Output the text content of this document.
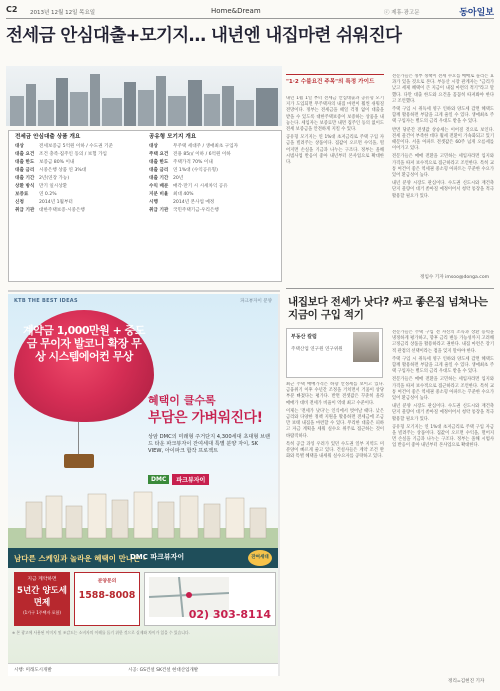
C2 2013년 12월 12일 목요일	Home&Dream	ⓒ 제휴·광고문	동아일보
전세금 안심대출+모기지… 내년엔 내집마련 쉬워진다
전세금 안심대출 상품 개요
대상	전세보증금 5억원 이하 / 수도권 기준
대출 요건	조건 충족·집주인 동의 / 보험 가입
대출 한도	보증금 80% 이내
대출 금리	시중은행 상품 연 3%대
대출 기간	2년(연장 가능)
상환 방식	만기 일시상환
보증료	연 0.2%
신청	2014년 1월부터
취급 기관	대한주택보증·시중은행
공유형 모기지 개요
대상	무주택 세대주 / 생애최초 구입자
주택 요건	전용 85㎡ 이하 / 6억원 이하
대출 한도	주택가격 70% 이내
대출 금리	연 1%대 (수익공유형)
대출 기간	20년
수익 배분	매각·만기 시 시세차익 공유
지분 비율	최대 40%
시행	2014년 본사업 예정
취급 기관	국민주택기금·우리은행
KTB THE BEST IDEAS	파크뷰자이 분양
계약금 1,000만원 + 중도금 무이자 발코니 확장 무상 시스템에어컨 무상
혜택이 클수록
부담은 가벼워진다!
상암 DMC의 미래형 주거단지 4,300세대 초대형 브랜드 타운 파크뷰자이 잔여세대 특별 분양 자이, SK VIEW, 아이파크 합작 프로젝트
DMC	파크뷰자이
남다른 스케일과 놀라운 혜택이 만나는 -
DMC 파크뷰자이	잔여세대
지금 계약하면
5년간 양도세 면제
(1가구 1주택자 포함)
분양문의
1588-8008
02) 303-8114
※ 본 광고에 사용된 이미지 및 조감도는 소비자의 이해를 돕기 위한 것으로 실제와 차이가 있을 수 있습니다.
시행: 미래도시개발	시공: GS건설 SK건설 현대산업개발
"1·2 수불요건 주목"의 특정 가이드

내년 1월 1일 부터 전세금 안심대출과 공유형 모기지가 도입되면 무주택자의 내집 마련이 훨씬 쉬워질 전망이다. 정부는 전세금을 떼일 걱정 없이 대출을 받을 수 있도록 대한주택보증이 보증하는 상품을 내놓는다. 세입자는 보증료만 내면 집주인 동의 없이도 전세 보증금을 안전하게 지킬 수 있다.

공유형 모기지는 연 1%대 초저금리로 주택 구입 자금을 빌려주는 상품이다. 집값이 오르면 수익을, 떨어지면 손실을 기금과 나누는 구조다. 정부는 올해 시범사업 반응이 좋아 내년부터 본사업으로 확대한다.

전문가들은 정부 정책이 전세 수요를 매매로 돌리는 효과가 있을 것으로 본다. 부동산 시장 관계자는 "금리가 낮고 세제 혜택이 큰 지금이 내집 마련의 적기"라고 말했다. 다만 대출 한도와 요건을 꼼꼼히 따져봐야 한다고 조언했다.

주택 구입 시 취득세 영구 인하와 양도세 감면 혜택도 함께 활용하면 부담을 크게 줄일 수 있다. 생애최초 주택 구입자는 별도의 금리 우대도 받을 수 있다.

반면 당분간 전셋값 상승세는 이어질 것으로 보인다. 전세 물건이 부족한 데다 월세 전환이 가속화되고 있기 때문이다. 서울 아파트 전셋값은 60주 넘게 오름세를 이어가고 있다.

전문가들은 매매 전환을 고민하는 세입자라면 입지와 가격을 따져 보수적으로 접근하라고 조언한다. 특히 교통 여건이 좋은 역세권 중소형 아파트는 꾸준한 수요가 있어 환금성이 높다.

내년 분양 시장도 관심이다. 수도권 신도시와 재건축 단지 물량이 대거 쏟아질 예정이어서 청약 통장을 적극 활용할 필요가 있다.

정임수 기자 imsoo@donga.com
내집보다 전세가 낫다? 싸고 좋은집 넘쳐나는 지금이 구입 적기
부동산 칼럼
주택산업 연구원 연구위원

최근 주택 매매가격은 하향 안정세를 보이고 있다. 금융위기 이후 수년간 조정을 거치면서 거품이 상당 부분 빠졌다는 평가다. 반면 전셋값은 꾸준히 올라 매매가 대비 전세가 비율이 역대 최고 수준이다.

이제는 '전세가 낫다'는 인식에서 벗어날 때다. 낮은 금리와 다양한 정책 지원을 활용하면 전세금에 조금만 보태 내집을 마련할 수 있다. 무리한 대출은 피하고 자금 계획을 세워 실수요 위주로 접근하는 것이 바람직하다.

특히 공급 과잉 우려가 있던 수도권 일부 지역도 미분양이 빠르게 줄고 있다. 건설사들은 계약 조건 완화와 특별 혜택을 내세워 실수요자를 공략하고 있다.

전문가들은 주택 구입 전 자신의 소득과 상환 능력을 냉정하게 평가하고, 향후 금리 변동 가능성까지 고려해 고정금리 상품을 활용하라고 권한다. 내집 마련은 장기적 관점의 선택이라는 점을 잊지 말아야 한다.

주택 구입 시 취득세 영구 인하와 양도세 감면 혜택도 함께 활용하면 부담을 크게 줄일 수 있다. 생애최초 주택 구입자는 별도의 금리 우대도 받을 수 있다.

전문가들은 매매 전환을 고민하는 세입자라면 입지와 가격을 따져 보수적으로 접근하라고 조언한다. 특히 교통 여건이 좋은 역세권 중소형 아파트는 꾸준한 수요가 있어 환금성이 높다.

내년 분양 시장도 관심이다. 수도권 신도시와 재건축 단지 물량이 대거 쏟아질 예정이어서 청약 통장을 적극 활용할 필요가 있다.

공유형 모기지는 연 1%대 초저금리로 주택 구입 자금을 빌려주는 상품이다. 집값이 오르면 수익을, 떨어지면 손실을 기금과 나누는 구조다. 정부는 올해 시범사업 반응이 좋아 내년부터 본사업으로 확대한다.

정리=김현진 기자
